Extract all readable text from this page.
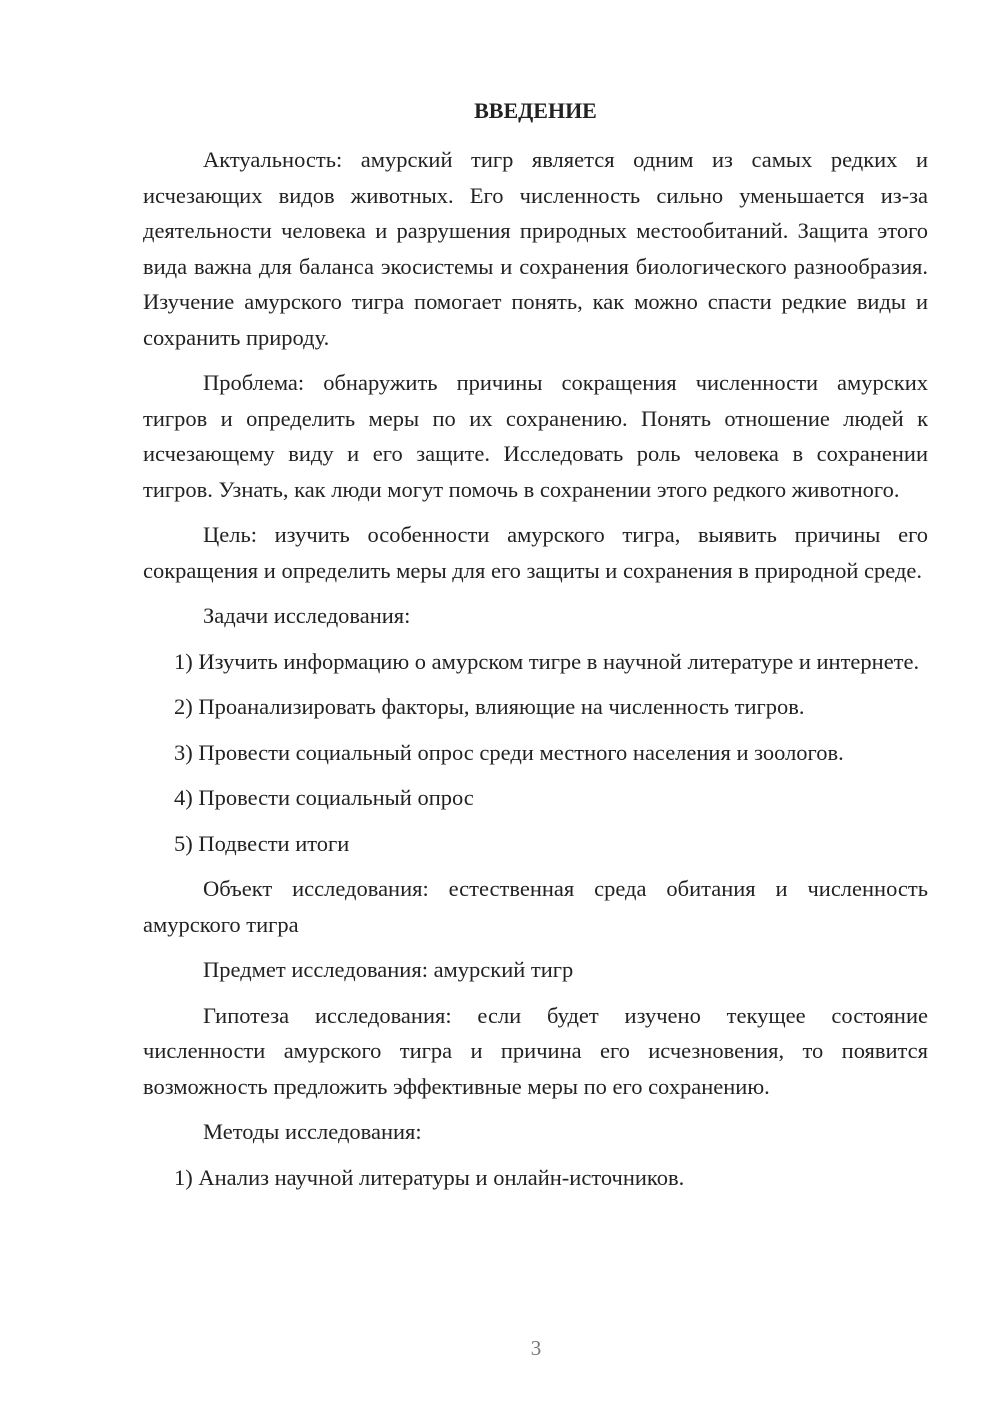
ВВЕДЕНИЕ

Актуальность: амурский тигр является одним из самых редких и исчезающих видов животных. Его численность сильно уменьшается из-за деятельности человека и разрушения природных местообитаний. Защита этого вида важна для баланса экосистемы и сохранения биологического разнообразия. Изучение амурского тигра помогает понять, как можно спасти редкие виды и сохранить природу.

Проблема: обнаружить причины сокращения численности амурских тигров и определить меры по их сохранению. Понять отношение людей к исчезающему виду и его защите. Исследовать роль человека в сохранении тигров. Узнать, как люди могут помочь в сохранении этого редкого животного.

Цель: изучить особенности амурского тигра, выявить причины его сокращения и определить меры для его защиты и сохранения в природной среде.

Задачи исследования:

1) Изучить информацию о амурском тигре в научной литературе и интернете.

2) Проанализировать факторы, влияющие на численность тигров.

3) Провести социальный опрос среди местного населения и зоологов.

4) Провести социальный опрос

5) Подвести итоги

Объект исследования: естественная среда обитания и численность амурского тигра

Предмет исследования: амурский тигр

Гипотеза исследования: если будет изучено текущее состояние численности амурского тигра и причина его исчезновения, то появится возможность предложить эффективные меры по его сохранению.

Методы исследования:

1) Анализ научной литературы и онлайн-источников.

3
